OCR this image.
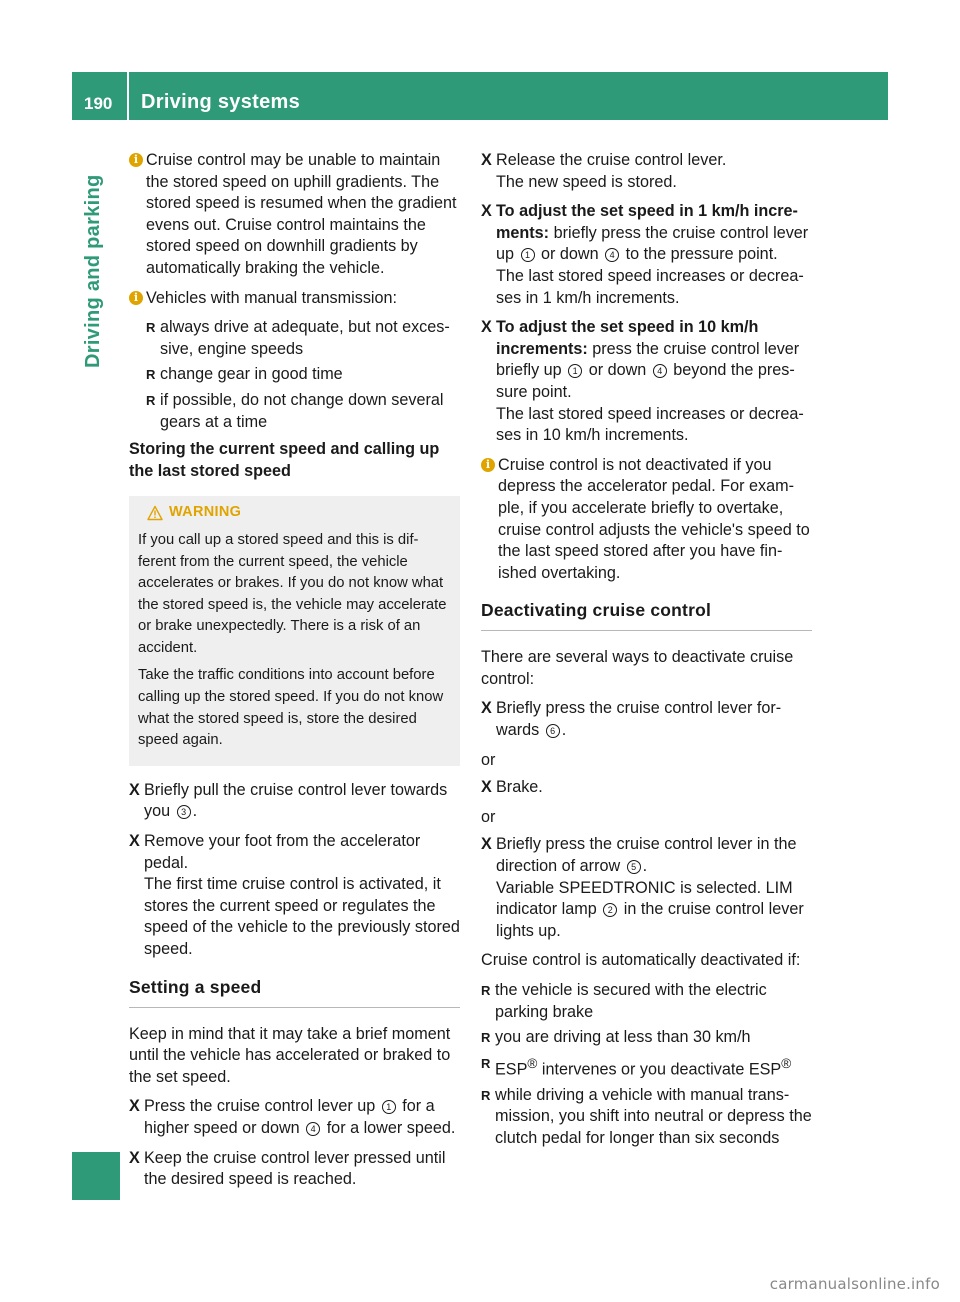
190 Driving systems
Driving and parking
i Cruise control may be unable to maintain the stored speed on uphill gradients. The stored speed is resumed when the gradient evens out. Cruise control maintains the stored speed on downhill gradients by automatically braking the vehicle.
i Vehicles with manual transmission:
R always drive at adequate, but not exces-sive, engine speeds
R change gear in good time
R if possible, do not change down several gears at a time

Storing the current speed and calling up the last stored speed

WARNING

If you call up a stored speed and this is dif-ferent from the current speed, the vehicle accelerates or brakes. If you do not know what the stored speed is, the vehicle may accelerate or brake unexpectedly. There is a risk of an accident.

Take the traffic conditions into account before calling up the stored speed. If you do not know what the stored speed is, store the desired speed again.

X Briefly pull the cruise control lever towards you 3 .
X Remove your foot from the accelerator pedal.

The first time cruise control is activated, it stores the current speed or regulates the speed of the vehicle to the previously stored speed.

Setting a speed

Keep in mind that it may take a brief moment until the vehicle has accelerated or braked to the set speed.

X Press the cruise control lever up 1 for a higher speed or down 4 for a lower speed.
X Keep the cruise control lever pressed until the desired speed is reached.
X Release the cruise control lever.

The new speed is stored.

X To adjust the set speed in 1 km/h incre-ments: briefly press the cruise control lever up 1 or down 4 to the pressure point.

The last stored speed increases or decrea-ses in 1 km/h increments.

X To adjust the set speed in 10 km/h increments: press the cruise control lever briefly up 1 or down 4 beyond the pres-sure point.

The last stored speed increases or decrea-ses in 10 km/h increments.

i Cruise control is not deactivated if you depress the accelerator pedal. For exam-ple, if you accelerate briefly to overtake, cruise control adjusts the vehicle's speed to the last speed stored after you have fin-ished overtaking.
Deactivating cruise control

There are several ways to deactivate cruise control:

X Briefly press the cruise control lever for-wards 6 .

or

X Brake.

or

X Briefly press the cruise control lever in the direction of arrow 5 .

Variable SPEEDTRONIC is selected. LIM indicator lamp 2 in the cruise control lever lights up.

Cruise control is automatically deactivated if:

R the vehicle is secured with the electric parking brake
R you are driving at less than 30 km/h
R ESP® intervenes or you deactivate ESP®
R while driving a vehicle with manual trans-mission, you shift into neutral or depress the clutch pedal for longer than six seconds
carmanualsonline.info
